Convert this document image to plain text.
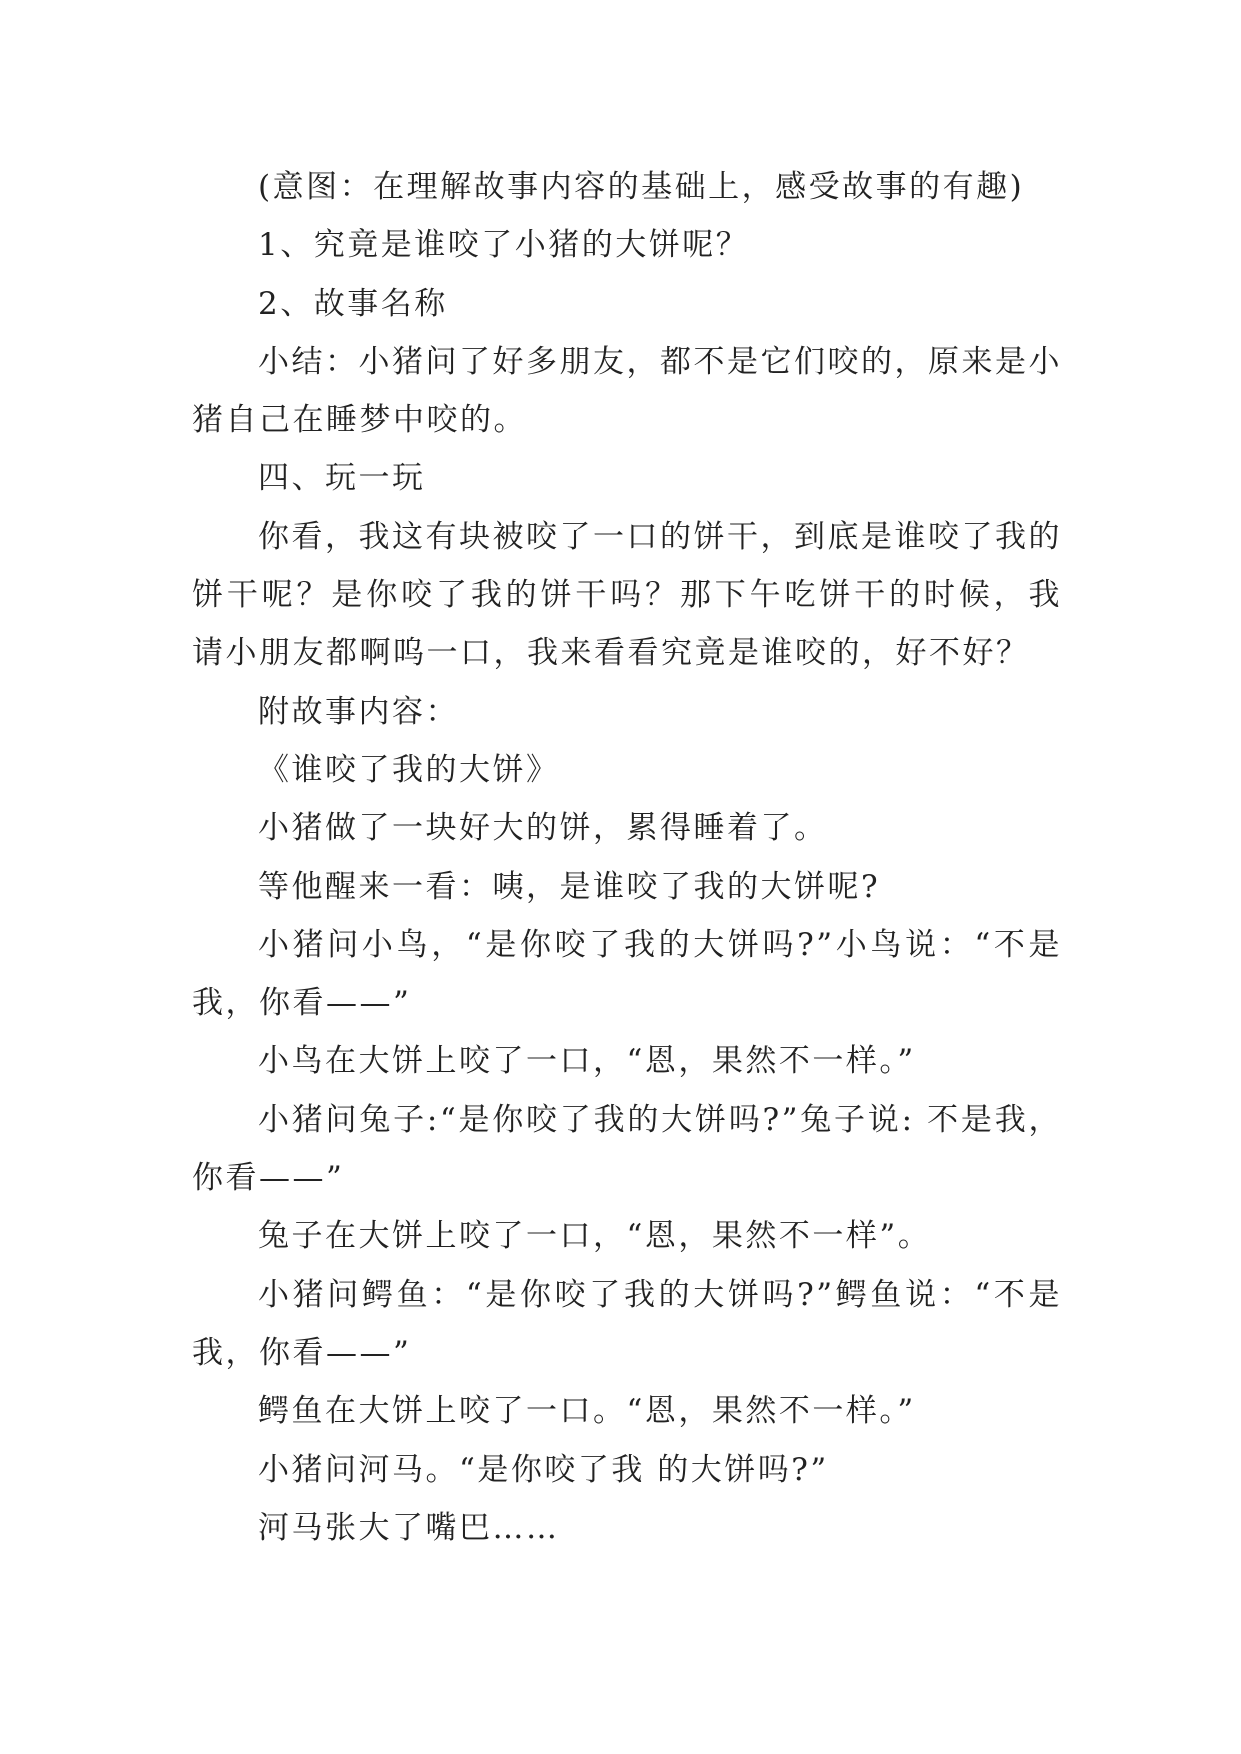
(意图：在理解故事内容的基础上，感受故事的有趣)

1、究竟是谁咬了小猪的大饼呢？

2、故事名称

小结：小猪问了好多朋友，都不是它们咬的，原来是小猪自己在睡梦中咬的。

四、玩一玩

你看，我这有块被咬了一口的饼干，到底是谁咬了我的饼干呢？是你咬了我的饼干吗？那下午吃饼干的时候，我请小朋友都啊呜一口，我来看看究竟是谁咬的，好不好？

附故事内容：

《谁咬了我的大饼》

小猪做了一块好大的饼，累得睡着了。

等他醒来一看：咦，是谁咬了我的大饼呢?

小猪问小鸟，“是你咬了我的大饼吗?”小鸟说：“不是我，你看——”

小鸟在大饼上咬了一口，“恩，果然不一样。”

小猪问兔子:“是你咬了我的大饼吗?”兔子说: 不是我，你看——”

兔子在大饼上咬了一口，“恩，果然不一样”。

小猪问鳄鱼：“是你咬了我的大饼吗?”鳄鱼说：“不是我，你看——”

鳄鱼在大饼上咬了一口。“恩，果然不一样。”

小猪问河马。“是你咬了我 的大饼吗?”

河马张大了嘴巴……
